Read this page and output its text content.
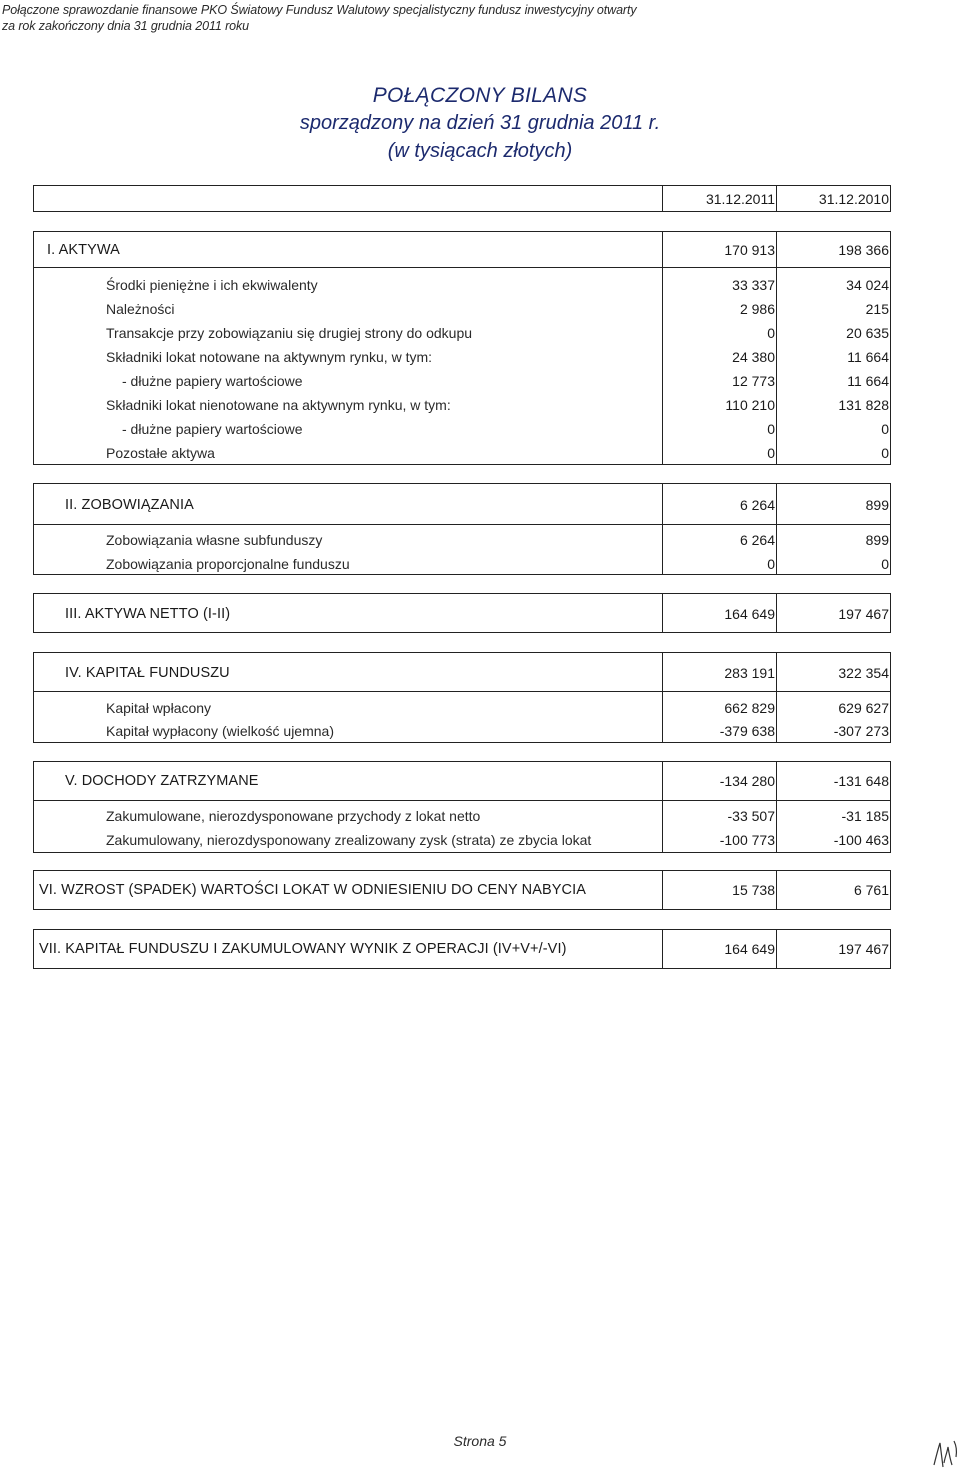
Połączone sprawozdanie finansowe PKO Światowy Fundusz Walutowy specjalistyczny fundusz inwestycyjny otwarty
za rok zakończony dnia 31 grudnia 2011 roku
POŁĄCZONY BILANS
sporządzony na dzień 31 grudnia 2011 r.
(w tysiącach złotych)
31.12.2011	31.12.2010
I. AKTYWA	170 913	198 366
Środki pieniężne i ich ekwiwalenty	33 337	34 024
Należności	2 986	215
Transakcje przy zobowiązaniu się drugiej strony do odkupu	0	20 635
Składniki lokat notowane na aktywnym rynku, w tym:	24 380	11 664
- dłużne papiery wartościowe	12 773	11 664
Składniki lokat nienotowane na aktywnym rynku, w tym:	110 210	131 828
- dłużne papiery wartościowe	0	0
Pozostałe aktywa	0	0
II. ZOBOWIĄZANIA	6 264	899
Zobowiązania własne subfunduszy	6 264	899
Zobowiązania proporcjonalne funduszu	0	0
III. AKTYWA NETTO (I-II)	164 649	197 467
IV. KAPITAŁ FUNDUSZU	283 191	322 354
Kapitał wpłacony	662 829	629 627
Kapitał wypłacony (wielkość ujemna)	-379 638	-307 273
V. DOCHODY ZATRZYMANE	-134 280	-131 648
Zakumulowane, nierozdysponowane przychody z lokat netto	-33 507	-31 185
Zakumulowany, nierozdysponowany zrealizowany zysk (strata) ze zbycia lokat	-100 773	-100 463
VI. WZROST (SPADEK) WARTOŚCI LOKAT W ODNIESIENIU DO CENY NABYCIA	15 738	6 761
VII. KAPITAŁ FUNDUSZU I ZAKUMULOWANY WYNIK Z OPERACJI (IV+V+/-VI)	164 649	197 467
Strona 5
